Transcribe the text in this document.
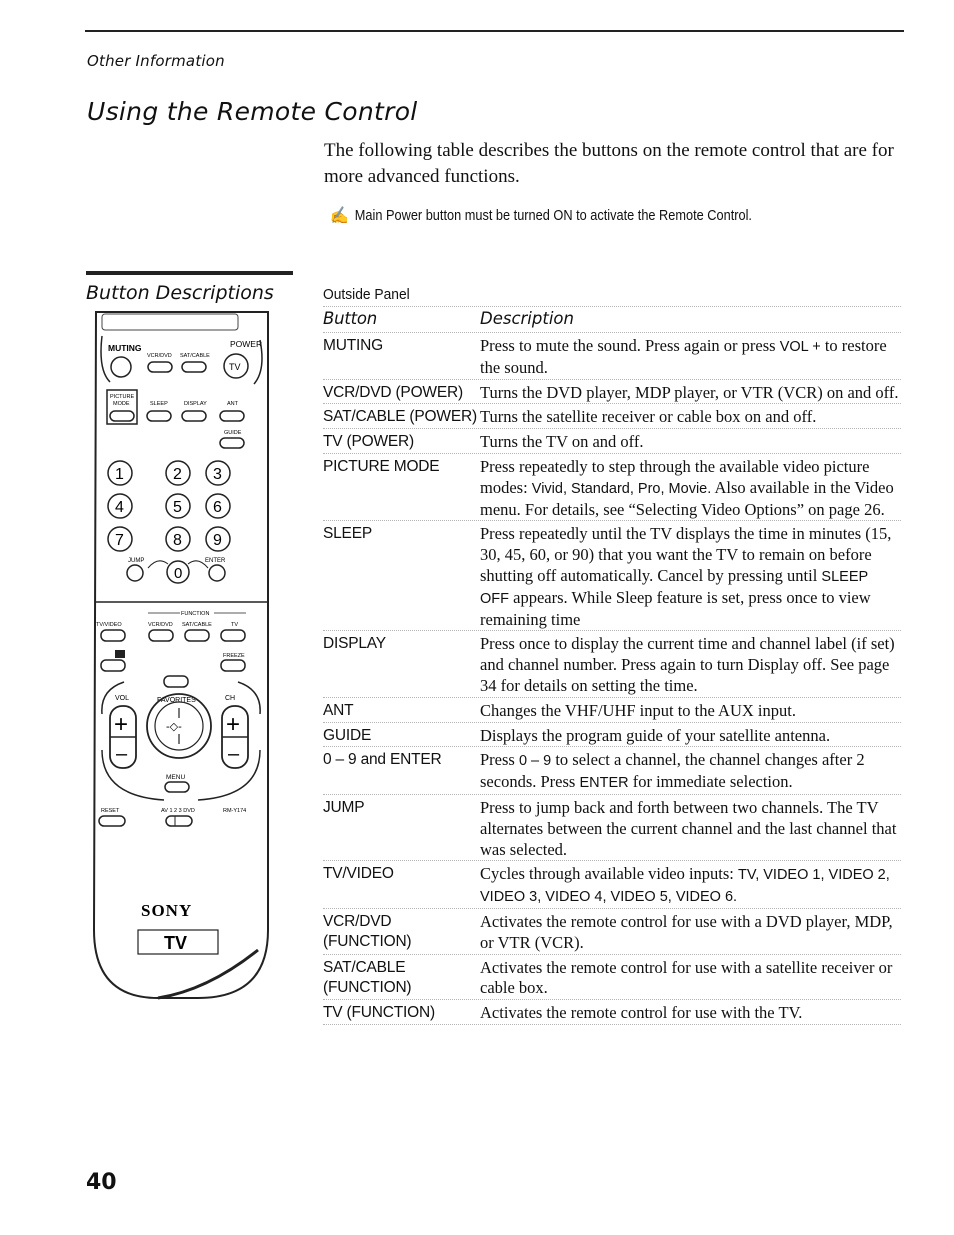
Other Information
Using the Remote Control
The following table describes the buttons on the remote control that are for more advanced functions.
✍ Main Power button must be turned ON to activate the Remote Control.
Button Descriptions
MUTING
VCR/DVD SAT/CABLE
POWER
TV
PICTURE
MODE	SLEEP	DISPLAY	ANT
GUIDE
1	2 3
4	5 6
7	8 9
JUMP	ENTER
0
FUNCTION
TV/VIDEO	VCR/DVD SAT/CABLE	TV
FREEZE
VOL	FAVORITES	CH
+
–
-◇- +
–
MENU
RESET	AV 1 2 3 DVD	RM-Y174
SONY
TV
Outside Panel
Button	Description
MUTING	Press to mute the sound. Press again or press VOL + to restore the sound.
VCR/DVD (POWER)	Turns the DVD player, MDP player, or VTR (VCR) on and off.
SAT/CABLE (POWER) Turns the satellite receiver or cable box on and off.
TV (POWER)	Turns the TV on and off.
PICTURE MODE	Press repeatedly to step through the available video picture modes: Vivid, Standard, Pro, Movie. Also available in the Video menu. For details, see “Selecting Video Options” on page 26.
SLEEP	Press repeatedly until the TV displays the time in minutes (15, 30, 45, 60, or 90) that you want the TV to remain on before shutting off automatically. Cancel by pressing until SLEEP OFF appears. While Sleep feature is set, press once to view remaining time
DISPLAY	Press once to display the current time and channel label (if set) and channel number. Press again to turn Display off. See page 34 for details on setting the time.
ANT	Changes the VHF/UHF input to the AUX input.
GUIDE	Displays the program guide of your satellite antenna.
0 – 9 and ENTER	Press 0 – 9 to select a channel, the channel changes after 2 seconds. Press ENTER for immediate selection.
JUMP	Press to jump back and forth between two channels. The TV alternates between the current channel and the last channel that was selected.
TV/VIDEO	Cycles through available video inputs: TV, VIDEO 1, VIDEO 2, VIDEO 3, VIDEO 4, VIDEO 5, VIDEO 6.
VCR/DVD (FUNCTION)
Activates the remote control for use with a DVD player, MDP, or VTR (VCR).
SAT/CABLE (FUNCTION)
Activates the remote control for use with a satellite receiver or cable box.
TV (FUNCTION)	Activates the remote control for use with the TV.
40
